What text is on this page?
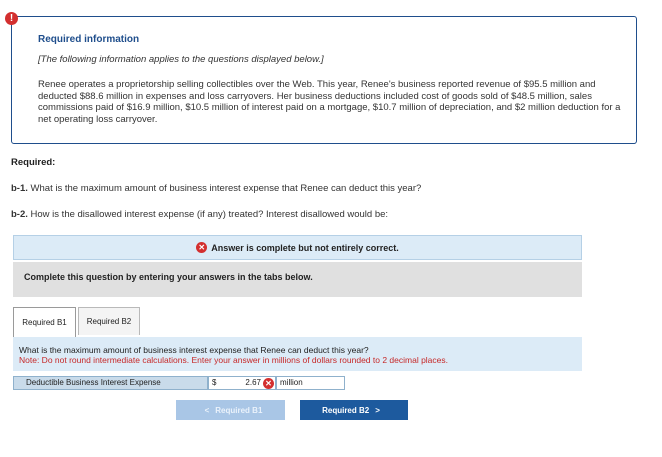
!
Required information
[The following information applies to the questions displayed below.]
Renee operates a proprietorship selling collectibles over the Web. This year, Renee's business reported revenue of $95.5 million and deducted $88.6 million in expenses and loss carryovers. Her business deductions included cost of goods sold of $48.5 million, sales commissions paid of $16.9 million, $10.5 million of interest paid on a mortgage, $10.7 million of depreciation, and $2 million deduction for a net operating loss carryover.
Required:
b-1. What is the maximum amount of business interest expense that Renee can deduct this year?
b-2. How is the disallowed interest expense (if any) treated? Interest disallowed would be:
✕ Answer is complete but not entirely correct.
Complete this question by entering your answers in the tabs below.
Required B1	Required B2
What is the maximum amount of business interest expense that Renee can deduct this year?
Note: Do not round intermediate calculations. Enter your answer in millions of dollars rounded to 2 decimal places.
Deductible Business Interest Expense	$	2.67 ✕	million
< Required B1	Required B2 >
